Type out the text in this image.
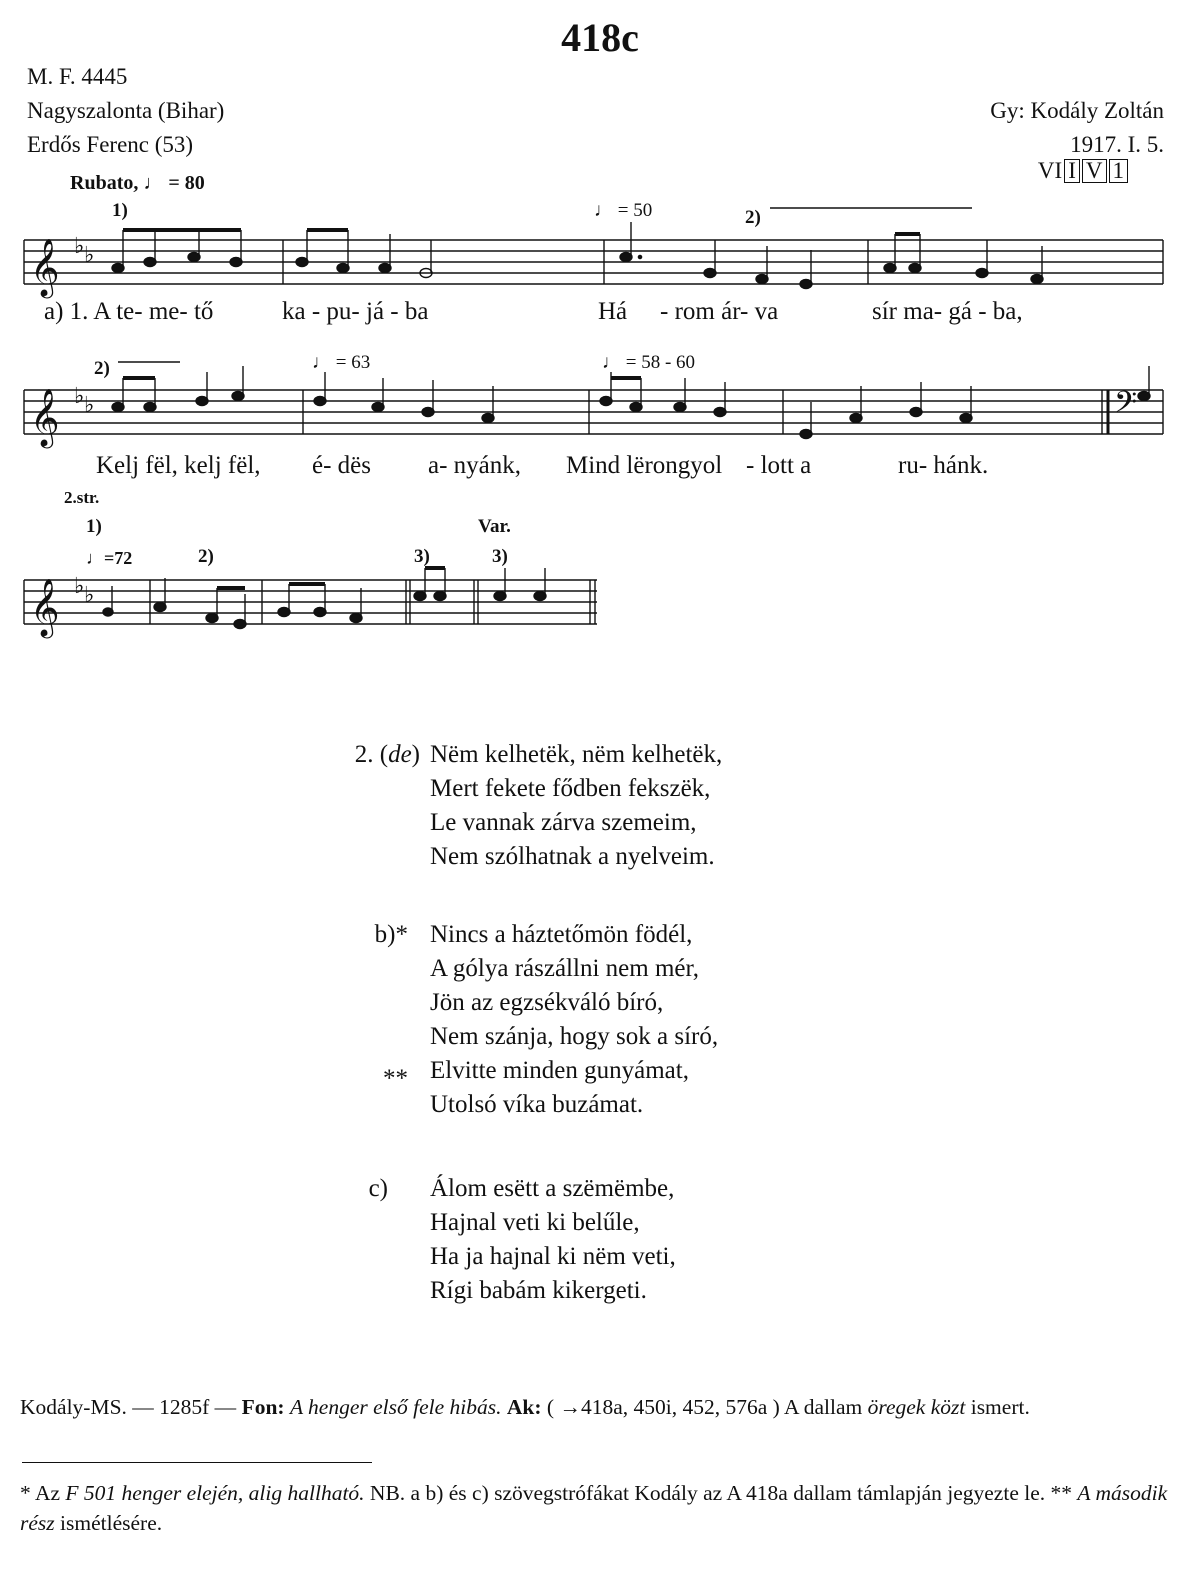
418c
M. F. 4445
Nagyszalonta (Bihar)
Erdős Ferenc (53)
Gy: Kodály Zoltán
1917. I. 5.
VI I V 1
Rubato, ♩ = 80
1)	♩ = 50	2)
2)	♩ = 63	♩ = 58 - 60
2.str.
1)
♩=72	2)
Var.
3)	3)
𝄞 ♭ ♭
𝄞 ♭ ♭	𝄢
𝄞 ♭ ♭
a) 1. A te- me- tő	ka - pu- já - ba	Há - rom ár- va	sír ma- gá - ba,
Kelj fël, kelj fël, é- dës a- nyánk, Mind lërongyol - lott a	ru- hánk.
2. (de) Nëm kelhetëk, nëm kelhetëk,
Mert fekete fődben fekszëk,
Le vannak zárva szemeim,
Nem szólhatnak a nyelveim.
b)*
**
Nincs a háztetőmön födél,
A gólya rászállni nem mér,
Jön az egzsékváló bíró,
Nem szánja, hogy sok a síró,
Elvitte minden gunyámat,
Utolsó víka buzámat.
c) Álom esëtt a szëmëmbe,
Hajnal veti ki belűle,
Ha ja hajnal ki nëm veti,
Rígi babám kikergeti.
Kodály-MS. — 1285f — Fon: A henger első fele hibás. Ak: ( →418a, 450i, 452, 576a ) A dallam öregek közt ismert.
* Az F 501 henger elején, alig hallható. NB. a b) és c) szövegstrófákat Kodály az A 418a dallam támlapján jegyezte le. ** A második rész ismétlésére.
